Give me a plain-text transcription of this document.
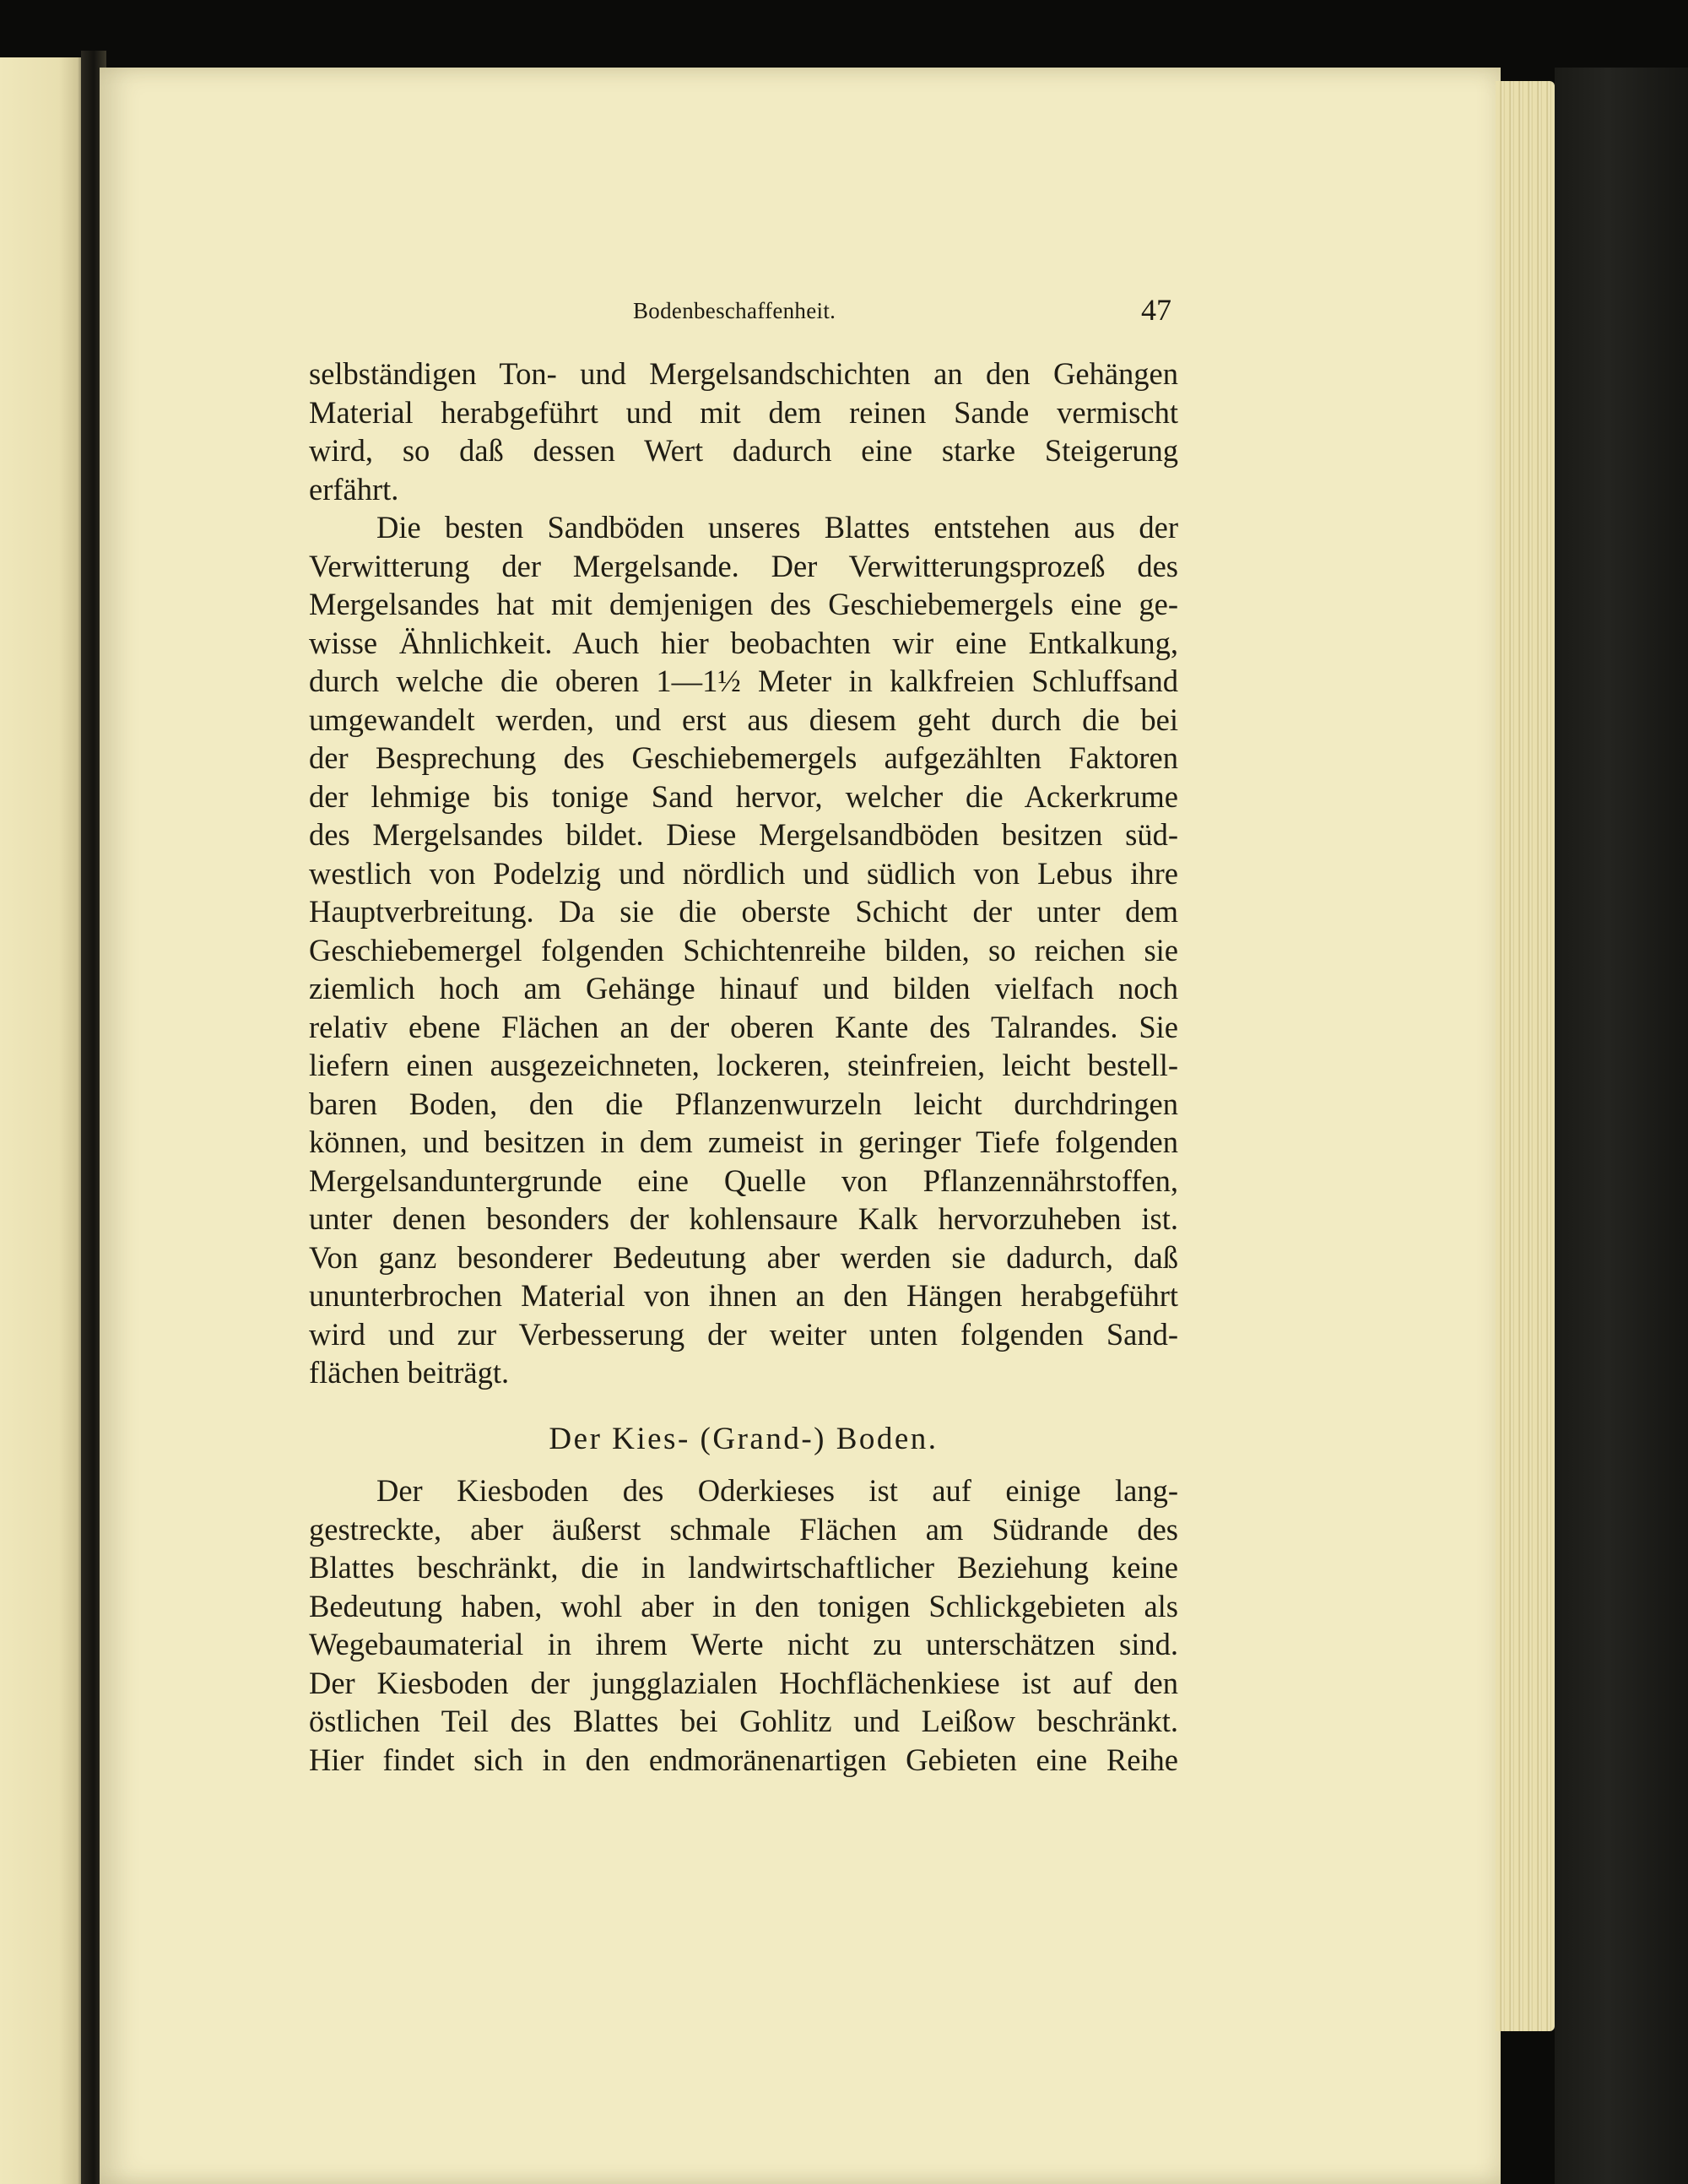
Bodenbeschaffenheit.	47
selbständigen Ton- und Mergelsandschichten an den Gehängen
Material herabgeführt und mit dem reinen Sande vermischt
wird, so daß dessen Wert dadurch eine starke Steigerung
erfährt.
Die besten Sandböden unseres Blattes entstehen aus der
Verwitterung der Mergelsande. Der Verwitterungsprozeß des
Mergelsandes hat mit demjenigen des Geschiebemergels eine ge-
wisse Ähnlichkeit. Auch hier beobachten wir eine Entkalkung,
durch welche die oberen 1—1½ Meter in kalkfreien Schluffsand
umgewandelt werden, und erst aus diesem geht durch die bei
der Besprechung des Geschiebemergels aufgezählten Faktoren
der lehmige bis tonige Sand hervor, welcher die Ackerkrume
des Mergelsandes bildet. Diese Mergelsandböden besitzen süd-
westlich von Podelzig und nördlich und südlich von Lebus ihre
Hauptverbreitung. Da sie die oberste Schicht der unter dem
Geschiebemergel folgenden Schichtenreihe bilden, so reichen sie
ziemlich hoch am Gehänge hinauf und bilden vielfach noch
relativ ebene Flächen an der oberen Kante des Talrandes. Sie
liefern einen ausgezeichneten, lockeren, steinfreien, leicht bestell-
baren Boden, den die Pflanzenwurzeln leicht durchdringen
können, und besitzen in dem zumeist in geringer Tiefe folgenden
Mergelsanduntergrunde eine Quelle von Pflanzennährstoffen,
unter denen besonders der kohlensaure Kalk hervorzuheben ist.
Von ganz besonderer Bedeutung aber werden sie dadurch, daß
ununterbrochen Material von ihnen an den Hängen herabgeführt
wird und zur Verbesserung der weiter unten folgenden Sand-
flächen beiträgt.
Der Kies- (Grand-) Boden.
Der Kiesboden des Oderkieses ist auf einige lang-
gestreckte, aber äußerst schmale Flächen am Südrande des
Blattes beschränkt, die in landwirtschaftlicher Beziehung keine
Bedeutung haben, wohl aber in den tonigen Schlickgebieten als
Wegebaumaterial in ihrem Werte nicht zu unterschätzen sind.
Der Kiesboden der jungglazialen Hochflächenkiese ist auf den
östlichen Teil des Blattes bei Gohlitz und Leißow beschränkt.
Hier findet sich in den endmoränenartigen Gebieten eine Reihe
